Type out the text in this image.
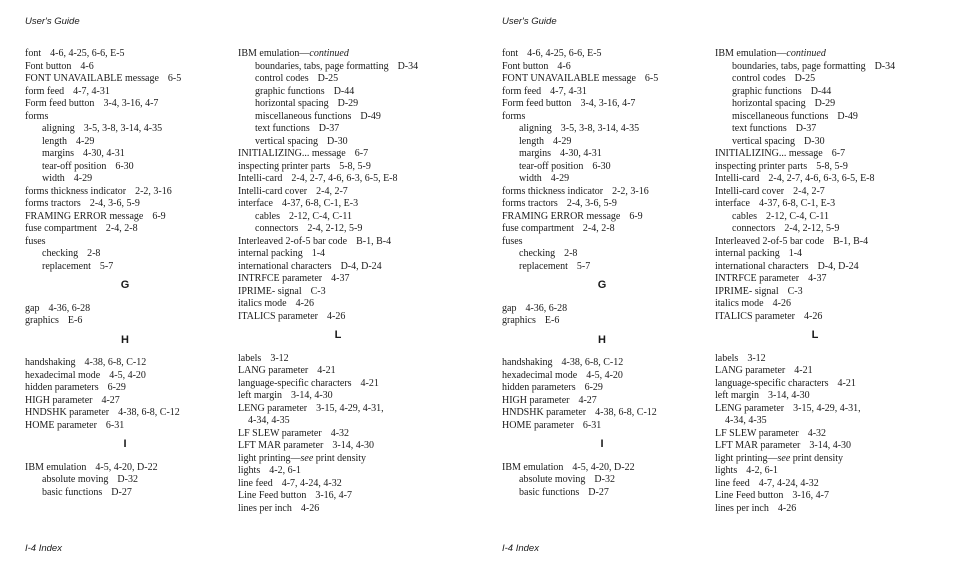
User's Guide
font 4-6, 4-25, 6-6, E-5
Font button 4-6
FONT UNAVAILABLE message 6-5
form feed 4-7, 4-31
Form feed button 3-4, 3-16, 4-7
forms
aligning 3-5, 3-8, 3-14, 4-35
length 4-29
margins 4-30, 4-31
tear-off position 6-30
width 4-29
forms thickness indicator 2-2, 3-16
forms tractors 2-4, 3-6, 5-9
FRAMING ERROR message 6-9
fuse compartment 2-4, 2-8
fuses
checking 2-8
replacement 5-7
G
gap 4-36, 6-28
graphics E-6
H
handshaking 4-38, 6-8, C-12
hexadecimal mode 4-5, 4-20
hidden parameters 6-29
HIGH parameter 4-27
HNDSHK parameter 4-38, 6-8, C-12
HOME parameter 6-31
I
IBM emulation 4-5, 4-20, D-22
absolute moving D-32
basic functions D-27
IBM emulation—continued
boundaries, tabs, page formatting D-34
control codes D-25
graphic functions D-44
horizontal spacing D-29
miscellaneous functions D-49
text functions D-37
vertical spacing D-30
INITIALIZING... message 6-7
inspecting printer parts 5-8, 5-9
Intelli-card 2-4, 2-7, 4-6, 6-3, 6-5, E-8
Intelli-card cover 2-4, 2-7
interface 4-37, 6-8, C-1, E-3
cables 2-12, C-4, C-11
connectors 2-4, 2-12, 5-9
Interleaved 2-of-5 bar code B-1, B-4
internal packing 1-4
international characters D-4, D-24
INTRFCE parameter 4-37
IPRIME- signal C-3
italics mode 4-26
ITALICS parameter 4-26
L
labels 3-12
LANG parameter 4-21
language-specific characters 4-21
left margin 3-14, 4-30
LENG parameter 3-15, 4-29, 4-31,
4-34, 4-35
LF SLEW parameter 4-32
LFT MAR parameter 3-14, 4-30
light printing—see print density
lights 4-2, 6-1
line feed 4-7, 4-24, 4-32
Line Feed button 3-16, 4-7
lines per inch 4-26
I-4 Index
User's Guide
font 4-6, 4-25, 6-6, E-5
Font button 4-6
FONT UNAVAILABLE message 6-5
form feed 4-7, 4-31
Form feed button 3-4, 3-16, 4-7
forms
aligning 3-5, 3-8, 3-14, 4-35
length 4-29
margins 4-30, 4-31
tear-off position 6-30
width 4-29
forms thickness indicator 2-2, 3-16
forms tractors 2-4, 3-6, 5-9
FRAMING ERROR message 6-9
fuse compartment 2-4, 2-8
fuses
checking 2-8
replacement 5-7
G
gap 4-36, 6-28
graphics E-6
H
handshaking 4-38, 6-8, C-12
hexadecimal mode 4-5, 4-20
hidden parameters 6-29
HIGH parameter 4-27
HNDSHK parameter 4-38, 6-8, C-12
HOME parameter 6-31
I
IBM emulation 4-5, 4-20, D-22
absolute moving D-32
basic functions D-27
IBM emulation—continued
boundaries, tabs, page formatting D-34
control codes D-25
graphic functions D-44
horizontal spacing D-29
miscellaneous functions D-49
text functions D-37
vertical spacing D-30
INITIALIZING... message 6-7
inspecting printer parts 5-8, 5-9
Intelli-card 2-4, 2-7, 4-6, 6-3, 6-5, E-8
Intelli-card cover 2-4, 2-7
interface 4-37, 6-8, C-1, E-3
cables 2-12, C-4, C-11
connectors 2-4, 2-12, 5-9
Interleaved 2-of-5 bar code B-1, B-4
internal packing 1-4
international characters D-4, D-24
INTRFCE parameter 4-37
IPRIME- signal C-3
italics mode 4-26
ITALICS parameter 4-26
L
labels 3-12
LANG parameter 4-21
language-specific characters 4-21
left margin 3-14, 4-30
LENG parameter 3-15, 4-29, 4-31,
4-34, 4-35
LF SLEW parameter 4-32
LFT MAR parameter 3-14, 4-30
light printing—see print density
lights 4-2, 6-1
line feed 4-7, 4-24, 4-32
Line Feed button 3-16, 4-7
lines per inch 4-26
I-4 Index
